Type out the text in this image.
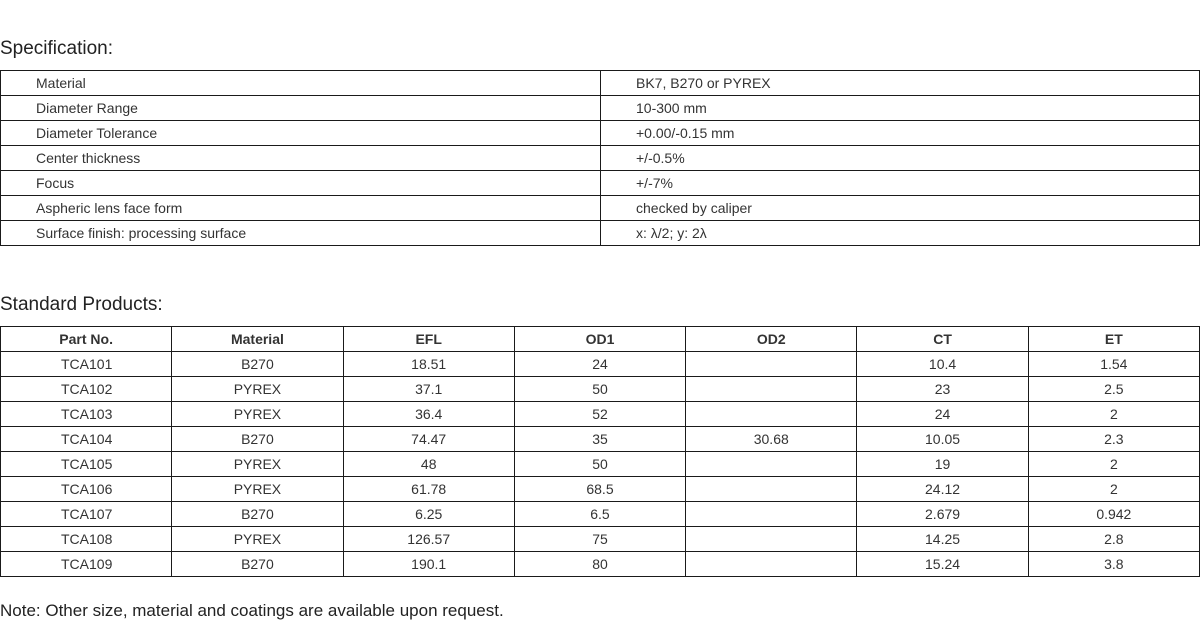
Specification:
Material	BK7, B270 or PYREX
Diameter Range	10-300 mm
Diameter Tolerance	+0.00/-0.15 mm
Center thickness	+/-0.5%
Focus	+/-7%
Aspheric lens face form	checked by caliper
Surface finish: processing surface	x: λ/2; y: 2λ
Standard Products:
Part No.	Material	EFL	OD1	OD2	CT	ET
TCA101	B270	18.51	24		10.4	1.54
TCA102	PYREX	37.1	50		23	2.5
TCA103	PYREX	36.4	52		24	2
TCA104	B270	74.47	35	30.68	10.05	2.3
TCA105	PYREX	48	50		19	2
TCA106	PYREX	61.78	68.5		24.12	2
TCA107	B270	6.25	6.5		2.679	0.942
TCA108	PYREX	126.57	75		14.25	2.8
TCA109	B270	190.1	80		15.24	3.8

Note: Other size, material and coatings are available upon request.
